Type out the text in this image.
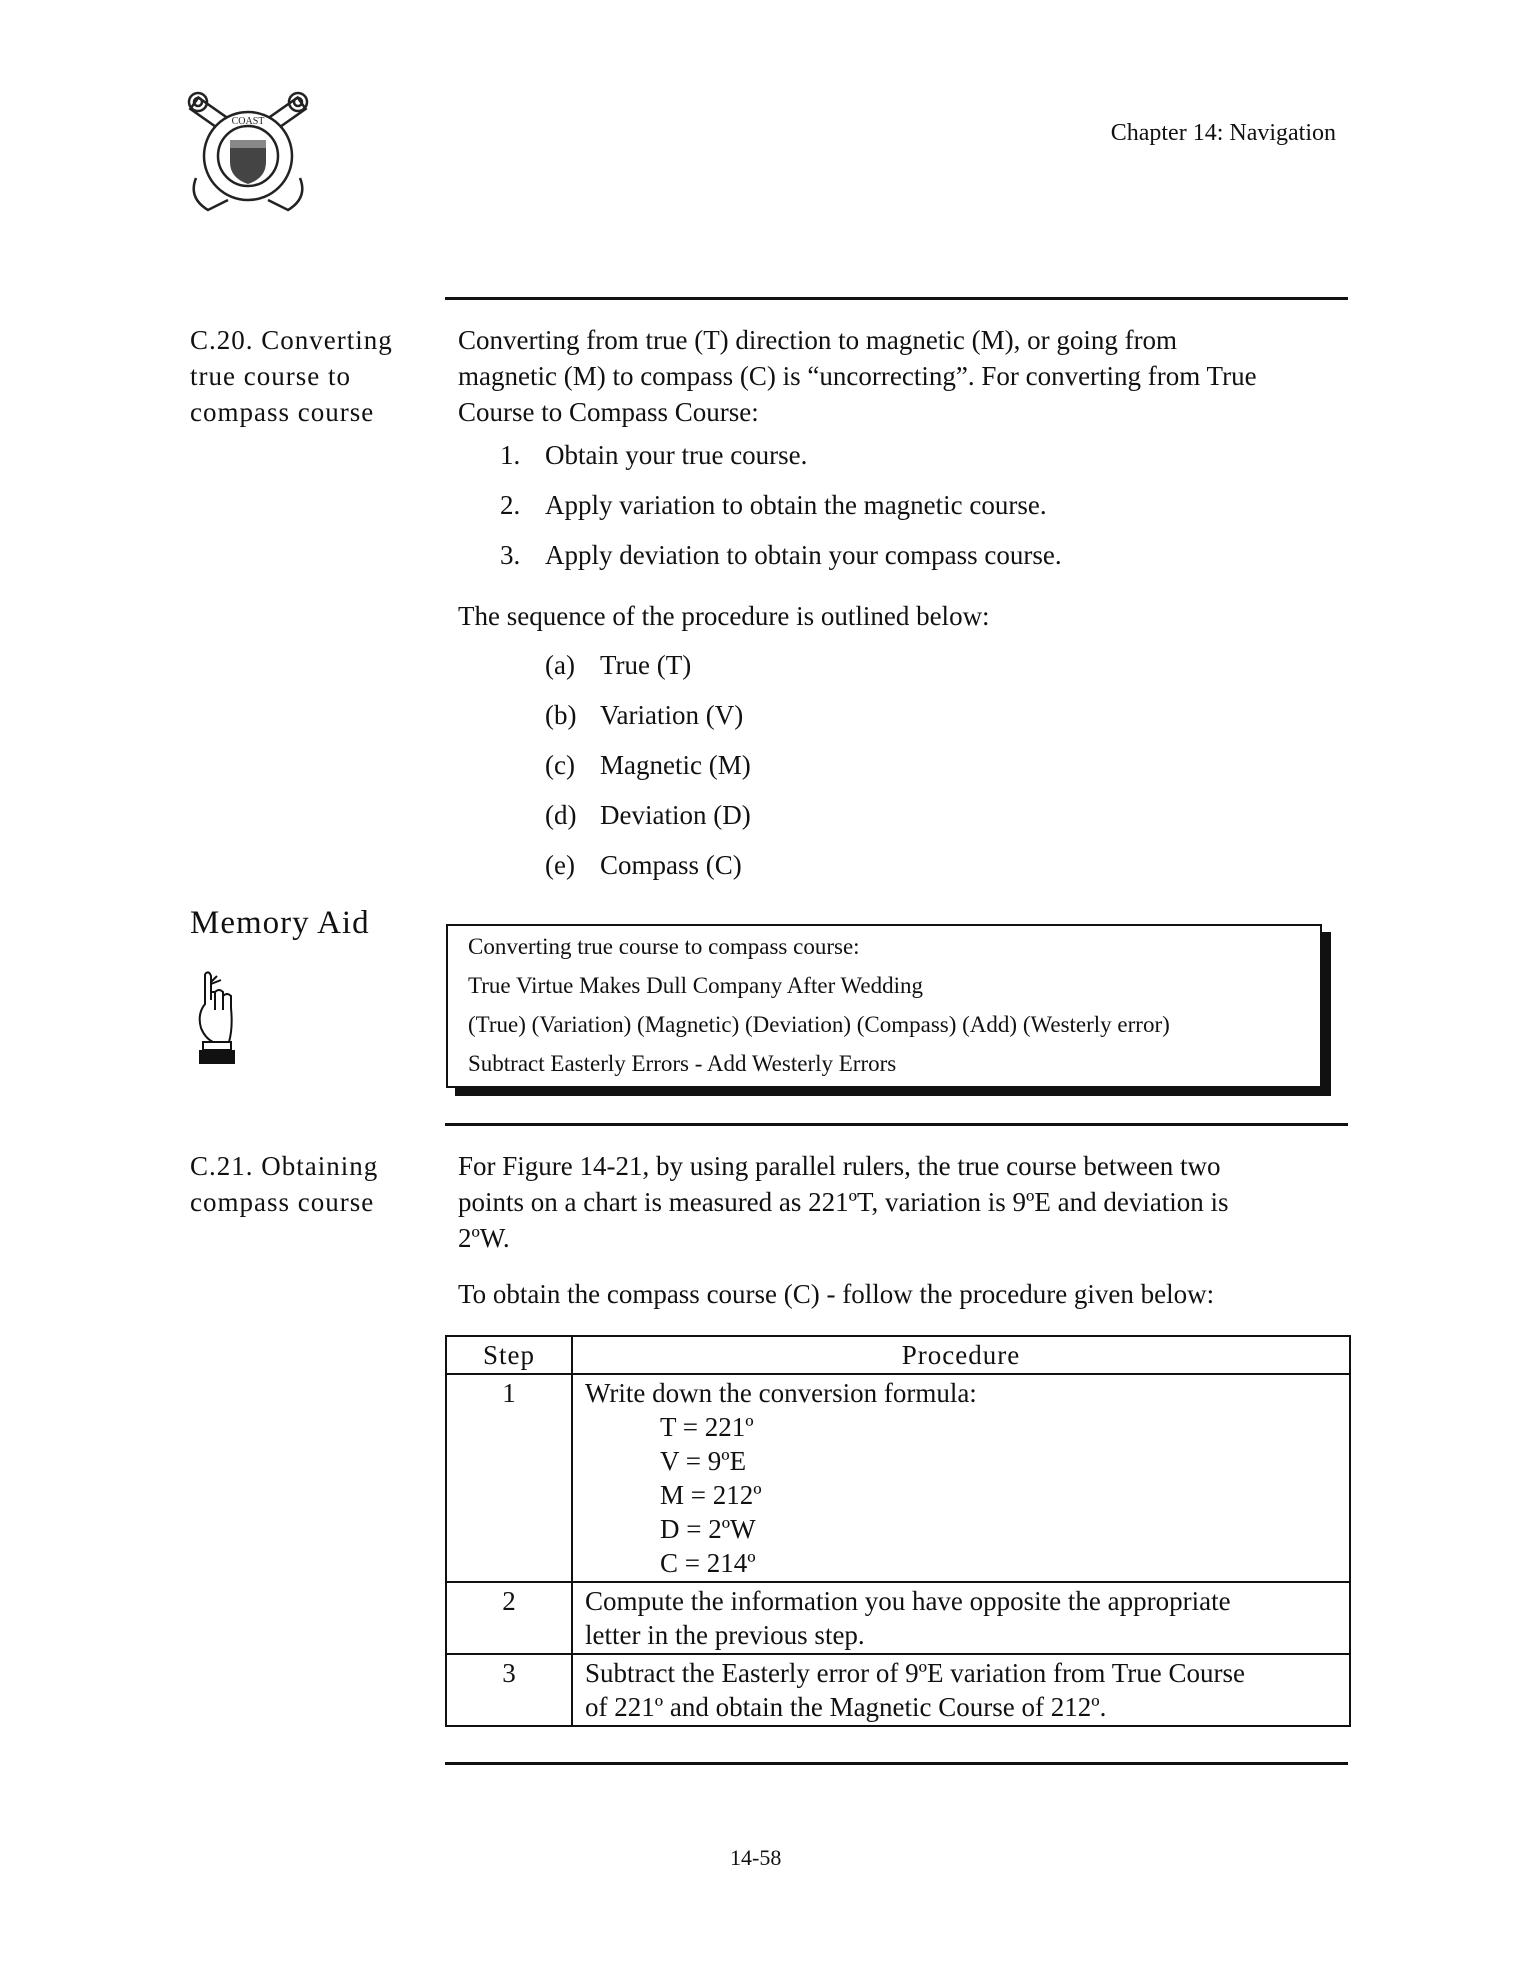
COAST	Chapter 14: Navigation
C.20. Converting
true course to
compass course
Converting from true (T) direction to magnetic (M), or going from
magnetic (M) to compass (C) is “uncorrecting”. For converting from True
Course to Compass Course:
1. Obtain your true course.
2. Apply variation to obtain the magnetic course.
3. Apply deviation to obtain your compass course.
The sequence of the procedure is outlined below:
(a) True (T)
(b) Variation (V)
(c) Magnetic (M)
(d) Deviation (D)
(e) Compass (C)
Memory Aid
Converting true course to compass course:
True Virtue Makes Dull Company After Wedding
(True) (Variation) (Magnetic) (Deviation) (Compass) (Add) (Westerly error)
Subtract Easterly Errors - Add Westerly Errors
C.21. Obtaining
compass course
For Figure 14-21, by using parallel rulers, the true course between two
points on a chart is measured as 221ºT, variation is 9ºE and deviation is
2ºW.
To obtain the compass course (C) - follow the procedure given below:
Step	Procedure
1	Write down the conversion formula:
T = 221º
V = 9ºE
M = 212º
D = 2ºW
C = 214º

2	Compute the information you have opposite the appropriate
letter in the previous step.

3	Subtract the Easterly error of 9ºE variation from True Course
of 221º and obtain the Magnetic Course of 212º.
14-58
